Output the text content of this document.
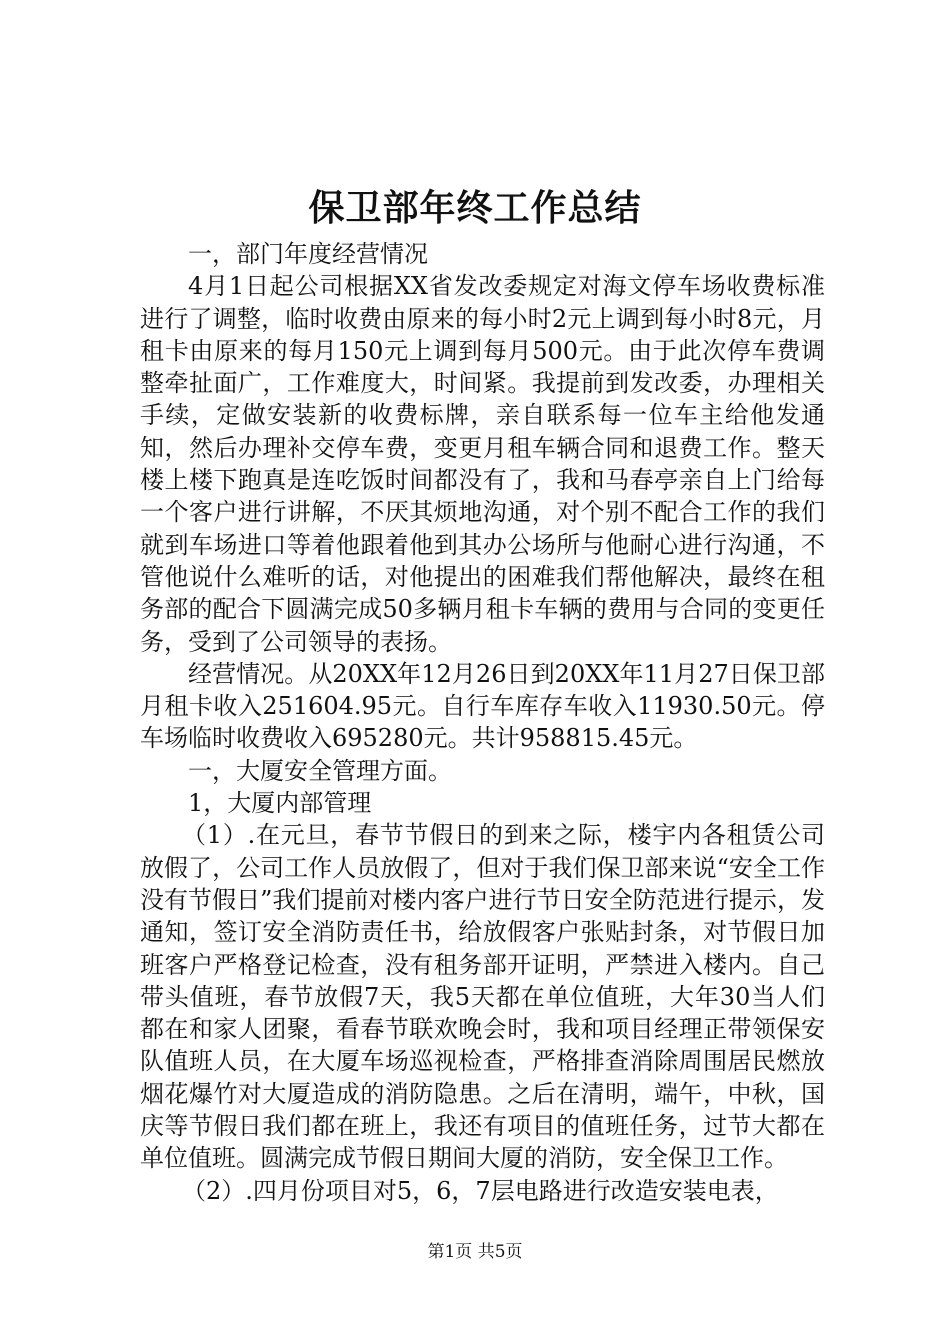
保卫部年终工作总结

一，部门年度经营情况

4月1日起公司根据XX省发改委规定对海文停车场收费标准进行了调整，临时收费由原来的每小时2元上调到每小时8元，月租卡由原来的每月150元上调到每月500元。由于此次停车费调整牵扯面广，工作难度大，时间紧。我提前到发改委，办理相关手续，定做安装新的收费标牌，亲自联系每一位车主给他发通知，然后办理补交停车费，变更月租车辆合同和退费工作。整天楼上楼下跑真是连吃饭时间都没有了，我和马春亭亲自上门给每一个客户进行讲解，不厌其烦地沟通，对个别不配合工作的我们就到车场进口等着他跟着他到其办公场所与他耐心进行沟通，不管他说什么难听的话，对他提出的困难我们帮他解决，最终在租务部的配合下圆满完成50多辆月租卡车辆的费用与合同的变更任务，受到了公司领导的表扬。

经营情况。从20XX年12月26日到20XX年11月27日保卫部月租卡收入251604.95元。自行车库存车收入11930.50元。停车场临时收费收入695280元。共计958815.45元。

一，大厦安全管理方面。

1，大厦内部管理

（1）.在元旦，春节节假日的到来之际，楼宇内各租赁公司放假了，公司工作人员放假了，但对于我们保卫部来说“安全工作没有节假日”我们提前对楼内客户进行节日安全防范进行提示，发通知，签订安全消防责任书，给放假客户张贴封条，对节假日加班客户严格登记检查，没有租务部开证明，严禁进入楼内。自己带头值班，春节放假7天，我5天都在单位值班，大年30当人们都在和家人团聚，看春节联欢晚会时，我和项目经理正带领保安队值班人员，在大厦车场巡视检查，严格排查消除周围居民燃放烟花爆竹对大厦造成的消防隐患。之后在清明，端午，中秋，国庆等节假日我们都在班上，我还有项目的值班任务，过节大都在单位值班。圆满完成节假日期间大厦的消防，安全保卫工作。

（2）.四月份项目对5，6，7层电路进行改造安装电表，

第1页 共5页
